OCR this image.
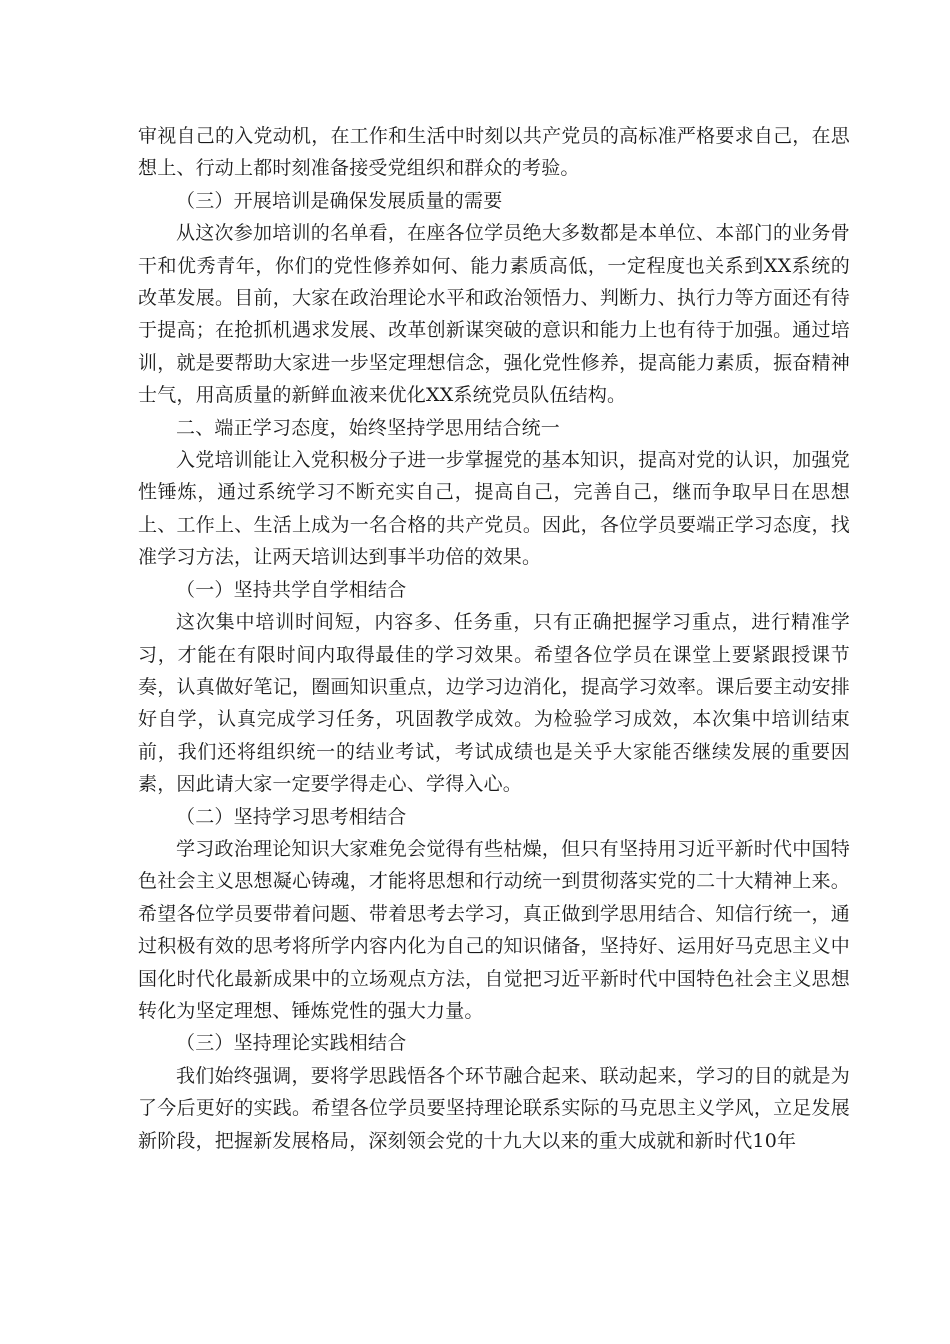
审视自己的入党动机，在工作和生活中时刻以共产党员的高标准严格要求自己，在思想上、行动上都时刻准备接受党组织和群众的考验。

（三）开展培训是确保发展质量的需要

从这次参加培训的名单看，在座各位学员绝大多数都是本单位、本部门的业务骨干和优秀青年，你们的党性修养如何、能力素质高低，一定程度也关系到XX系统的改革发展。目前，大家在政治理论水平和政治领悟力、判断力、执行力等方面还有待于提高；在抢抓机遇求发展、改革创新谋突破的意识和能力上也有待于加强。通过培训，就是要帮助大家进一步坚定理想信念，强化党性修养，提高能力素质，振奋精神士气，用高质量的新鲜血液来优化XX系统党员队伍结构。

二、端正学习态度，始终坚持学思用结合统一

入党培训能让入党积极分子进一步掌握党的基本知识，提高对党的认识，加强党性锤炼，通过系统学习不断充实自己，提高自己，完善自己，继而争取早日在思想上、工作上、生活上成为一名合格的共产党员。因此，各位学员要端正学习态度，找准学习方法，让两天培训达到事半功倍的效果。

（一）坚持共学自学相结合

这次集中培训时间短，内容多、任务重，只有正确把握学习重点，进行精准学习，才能在有限时间内取得最佳的学习效果。希望各位学员在课堂上要紧跟授课节奏，认真做好笔记，圈画知识重点，边学习边消化，提高学习效率。课后要主动安排好自学，认真完成学习任务，巩固教学成效。为检验学习成效，本次集中培训结束前，我们还将组织统一的结业考试，考试成绩也是关乎大家能否继续发展的重要因素，因此请大家一定要学得走心、学得入心。

（二）坚持学习思考相结合

学习政治理论知识大家难免会觉得有些枯燥，但只有坚持用习近平新时代中国特色社会主义思想凝心铸魂，才能将思想和行动统一到贯彻落实党的二十大精神上来。希望各位学员要带着问题、带着思考去学习，真正做到学思用结合、知信行统一，通过积极有效的思考将所学内容内化为自己的知识储备，坚持好、运用好马克思主义中国化时代化最新成果中的立场观点方法，自觉把习近平新时代中国特色社会主义思想转化为坚定理想、锤炼党性的强大力量。

（三）坚持理论实践相结合

我们始终强调，要将学思践悟各个环节融合起来、联动起来，学习的目的就是为了今后更好的实践。希望各位学员要坚持理论联系实际的马克思主义学风，立足发展新阶段，把握新发展格局，深刻领会党的十九大以来的重大成就和新时代10年
